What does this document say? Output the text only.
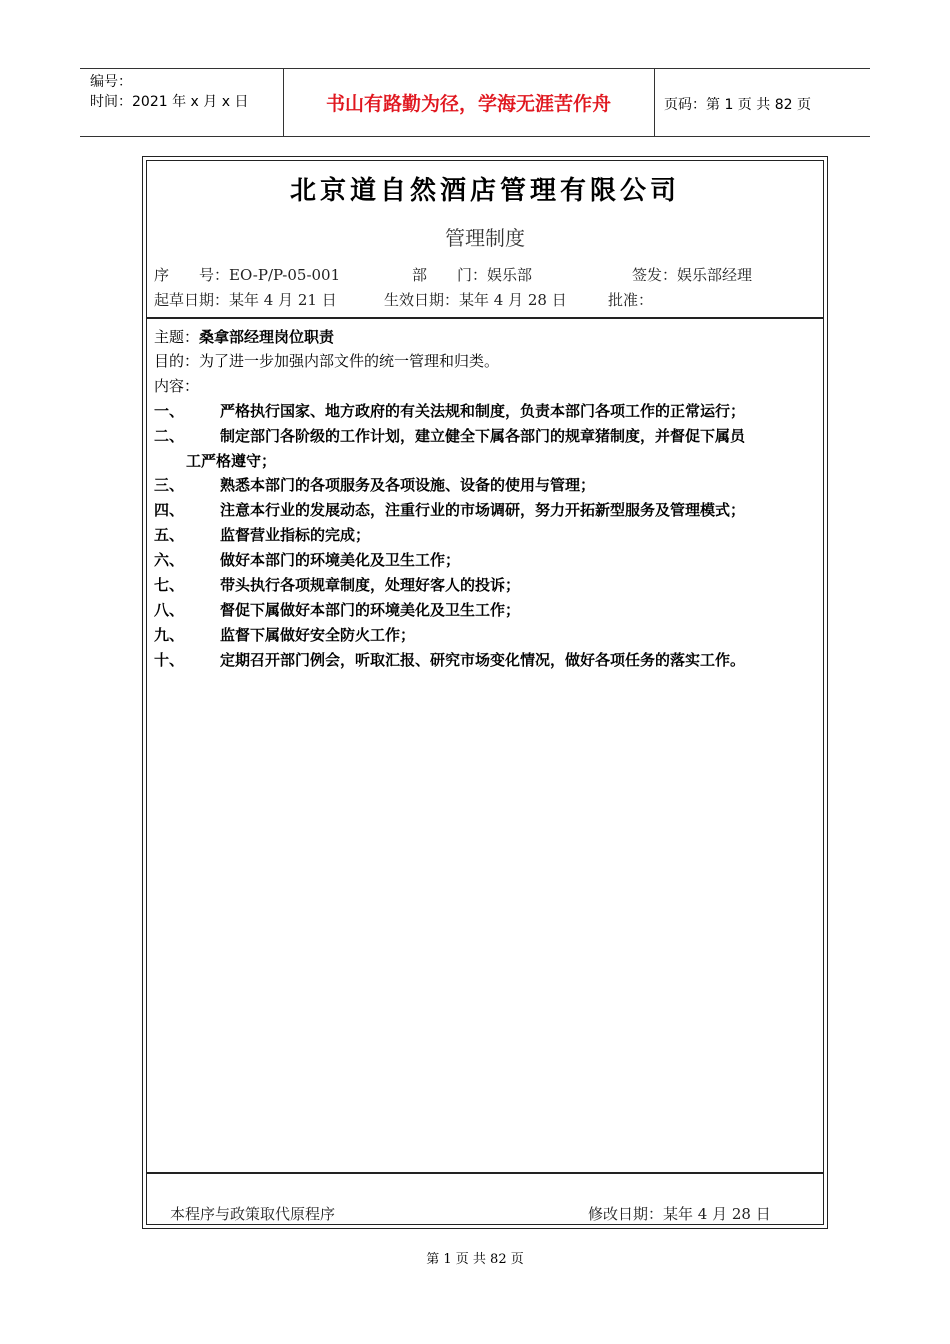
编号：
时间：2021 年 x 月 x 日	书山有路勤为径，学海无涯苦作舟	页码：第 1 页 共 82 页
北京道自然酒店管理有限公司
管理制度
序　　号：EO-P/P-05-001	部　　门：娱乐部	签发：娱乐部经理
起草日期：某年 4 月 21 日	生效日期：某年 4 月 28 日	批准：
主题：桑拿部经理岗位职责
目的：为了进一步加强内部文件的统一管理和归类。
内容：
一、 严格执行国家、地方政府的有关法规和制度，负责本部门各项工作的正常运行；
二、 制定部门各阶级的工作计划，建立健全下属各部门的规章猪制度，并督促下属员
工严格遵守；
三、 熟悉本部门的各项服务及各项设施、设备的使用与管理；
四、 注意本行业的发展动态，注重行业的市场调研，努力开拓新型服务及管理模式；
五、 监督营业指标的完成；
六、 做好本部门的环境美化及卫生工作；
七、 带头执行各项规章制度，处理好客人的投诉；
八、 督促下属做好本部门的环境美化及卫生工作；
九、 监督下属做好安全防火工作；
十、 定期召开部门例会，听取汇报、研究市场变化情况，做好各项任务的落实工作。
本程序与政策取代原程序	修改日期：某年 4 月 28 日
第 1 页 共 82 页
